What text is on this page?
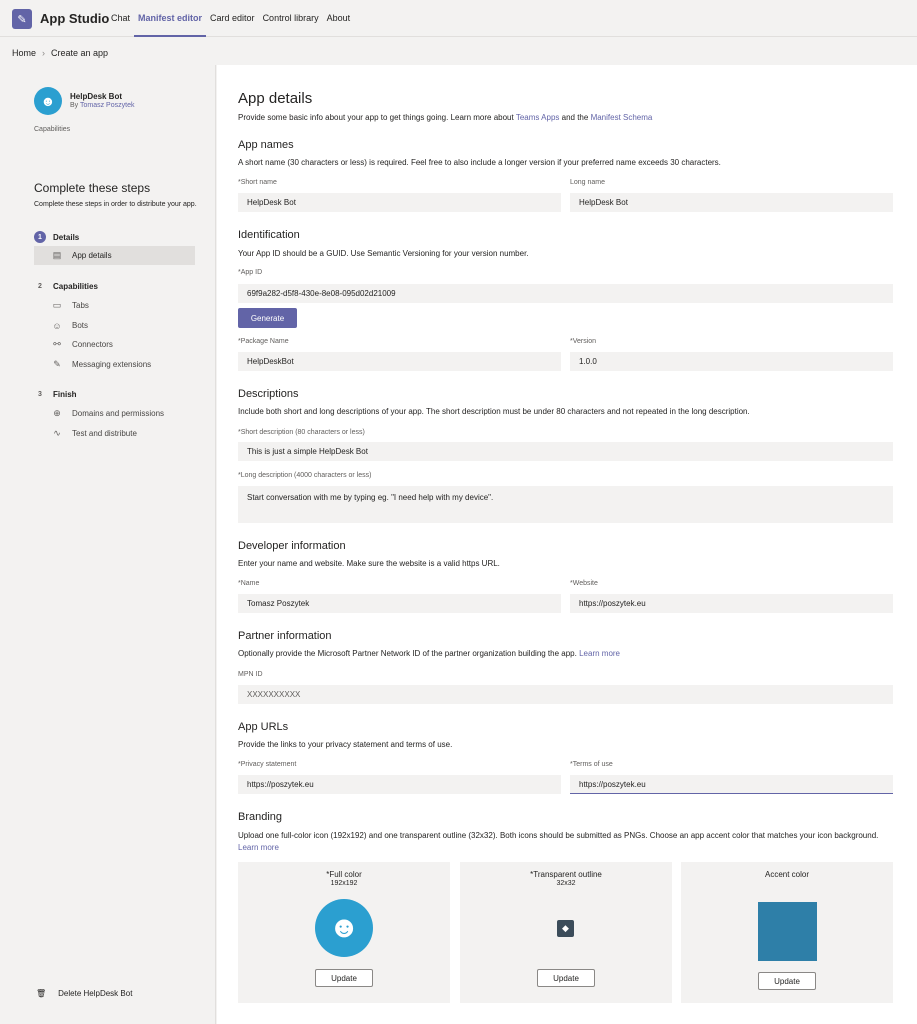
✎	App Studio Chat Manifest editor Card editor Control library About
Home › Create an app
☻	HelpDesk Bot
By Tomasz Poszytek
Capabilities
Complete these steps
Complete these steps in order to distribute your app.
1	Details
▤ App details
2	Capabilities
▭ Tabs
☺ Bots
⚯ Connectors
✎ Messaging extensions
3	Finish
⊕ Domains and permissions
∿ Test and distribute
🗑 Delete HelpDesk Bot
App details
Provide some basic info about your app to get things going. Learn more about Teams Apps and the Manifest Schema
App names
A short name (30 characters or less) is required. Feel free to also include a longer version if your preferred name exceeds 30 characters.
*Short name
HelpDesk Bot
Long name
HelpDesk Bot
Identification
Your App ID should be a GUID. Use Semantic Versioning for your version number.
*App ID
69f9a282-d5f8-430e-8e08-095d02d21009
Generate
*Package Name
HelpDeskBot
*Version
1.0.0
Descriptions
Include both short and long descriptions of your app. The short description must be under 80 characters and not repeated in the long description.
*Short description (80 characters or less)
This is just a simple HelpDesk Bot
*Long description (4000 characters or less)
Start conversation with me by typing eg. "I need help with my device".
Developer information
Enter your name and website. Make sure the website is a valid https URL.
*Name
Tomasz Poszytek
*Website
https://poszytek.eu
Partner information
Optionally provide the Microsoft Partner Network ID of the partner organization building the app. Learn more
MPN ID
XXXXXXXXXX
App URLs
Provide the links to your privacy statement and terms of use.
*Privacy statement
https://poszytek.eu
*Terms of use
https://poszytek.eu
Branding
Upload one full-color icon (192x192) and one transparent outline (32x32). Both icons should be submitted as PNGs. Choose an app accent color that matches your icon background. Learn more
*Full color
192x192
☻
Update
*Transparent outline
32x32
◆
Update
Accent color
Update
